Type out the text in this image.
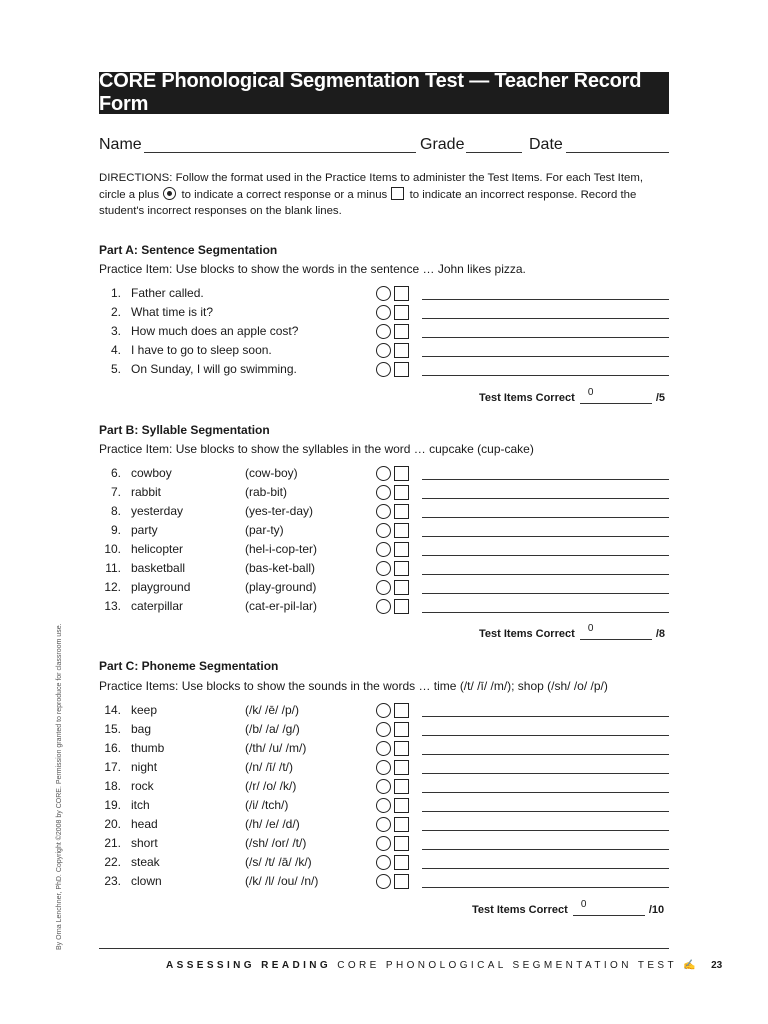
CORE Phonological Segmentation Test — Teacher Record Form
Name	Grade	Date
DIRECTIONS: Follow the format used in the Practice Items to administer the Test Items. For each Test Item, circle a plus to indicate a correct response or a minus to indicate an incorrect response. Record the student's incorrect responses on the blank lines.
Part A: Sentence Segmentation
Practice Item: Use blocks to show the words in the sentence … John likes pizza.
1. Father called.
2. What time is it?
3. How much does an apple cost?
4. I have to go to sleep soon.
5. On Sunday, I will go swimming.
Test Items Correct 0	/5
Part B: Syllable Segmentation
Practice Item: Use blocks to show the syllables in the word … cupcake (cup-cake)
6. cowboy	(cow-boy)
7. rabbit	(rab-bit)
8. yesterday	(yes-ter-day)
9. party	(par-ty)
10. helicopter	(hel-i-cop-ter)
11. basketball	(bas-ket-ball)
12. playground	(play-ground)
13. caterpillar	(cat-er-pil-lar)
Test Items Correct 0	/8
Part C: Phoneme Segmentation
Practice Items: Use blocks to show the sounds in the words … time (/t/ /ī/ /m/); shop (/sh/ /o/ /p/)
14. keep	(/k/ /ē/ /p/)
15. bag	(/b/ /a/ /g/)
16. thumb	(/th/ /u/ /m/)
17. night	(/n/ /ī/ /t/)
18. rock	(/r/ /o/ /k/)
19. itch	(/i/ /tch/)
20. head	(/h/ /e/ /d/)
21. short	(/sh/ /or/ /t/)
22. steak	(/s/ /t/ /ā/ /k/)
23. clown	(/k/ /l/ /ou/ /n/)
Test Items Correct 0	/10
ASSESSING READING CORE PHONOLOGICAL SEGMENTATION TEST ✍ 23
By Orna Lenchner, PhD. Copyright ©2008 by CORE. Permission granted to reproduce for classroom use.
